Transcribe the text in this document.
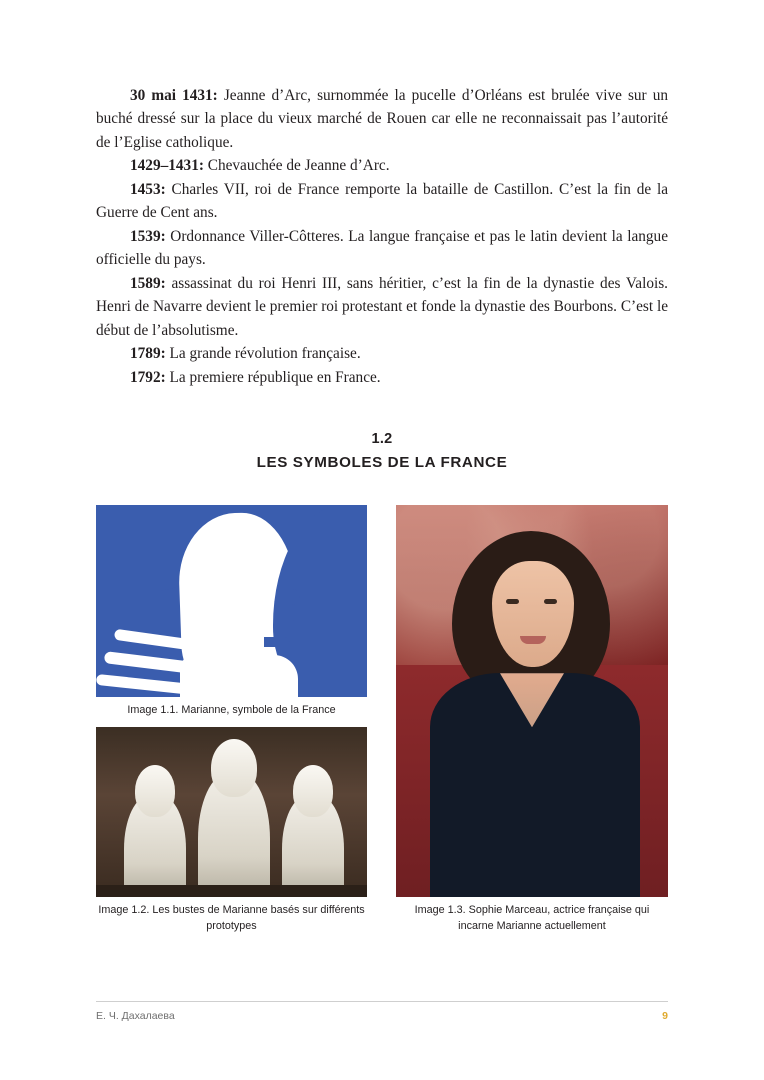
30 mai 1431: Jeanne d’Arc, surnommée la pucelle d’Orléans est brulée vive sur un buché dressé sur la place du vieux marché de Rouen car elle ne reconnaissait pas l’autorité de l’Eglise catholique.

1429–1431: Chevauchée de Jeanne d’Arc.

1453: Charles VII, roi de France remporte la bataille de Castillon. C’est la fin de la Guerre de Cent ans.

1539: Ordonnance Viller-Côtteres. La langue française et pas le latin devient la langue officielle du pays.

1589: assassinat du roi Henri III, sans héritier, c’est la fin de la dynastie des Valois. Henri de Navarre devient le premier roi protestant et fonde la dynastie des Bourbons. C’est le début de l’absolutisme.

1789: La grande révolution française.

1792: La premiere république en France.

1.2
LES SYMBOLES DE LA FRANCE
Image 1.1. Marianne, symbole de la France
Image 1.2. Les bustes de Marianne basés sur différents prototypes
Image 1.3. Sophie Marceau, actrice française qui incarne Marianne actuellement
Е. Ч. Дахалаева	9
